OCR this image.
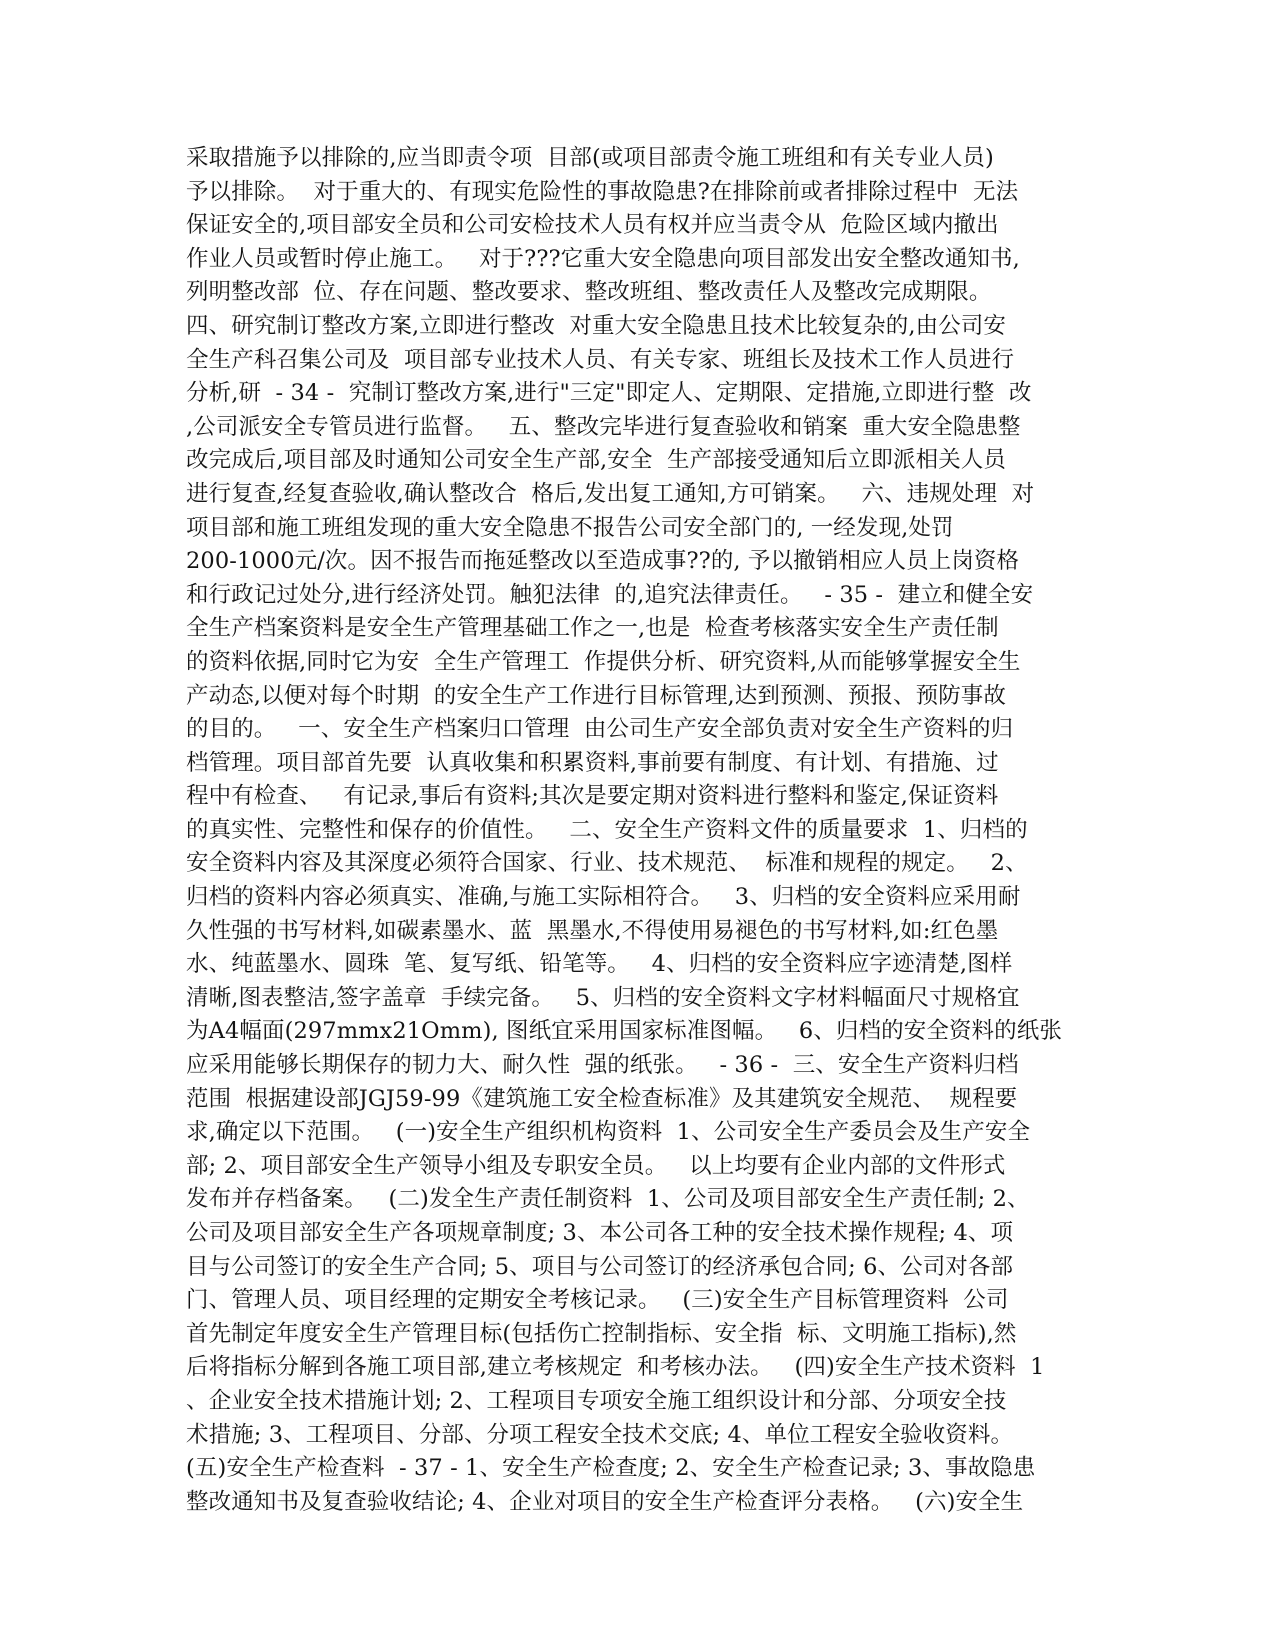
采取措施予以排除的,应当即责令项  目部(或项目部责令施工班组和有关专业人员)
予以排除。  对于重大的、有现实危险性的事故隐患?在排除前或者排除过程中  无法
保证安全的,项目部安全员和公司安检技术人员有权并应当责令从  危险区域内撤出
作业人员或暂时停止施工。   对于???它重大安全隐患向项目部发出安全整改通知书,
列明整改部  位、存在问题、整改要求、整改班组、整改责任人及整改完成期限。
四、研究制订整改方案,立即进行整改  对重大安全隐患且技术比较复杂的,由公司安
全生产科召集公司及  项目部专业技术人员、有关专家、班组长及技术工作人员进行
分析,研  - 34 -  究制订整改方案,进行"三定"即定人、定期限、定措施,立即进行整  改
,公司派安全专管员进行监督。   五、整改完毕进行复查验收和销案  重大安全隐患整
改完成后,项目部及时通知公司安全生产部,安全  生产部接受通知后立即派相关人员
进行复查,经复查验收,确认整改合  格后,发出复工通知,方可销案。   六、违规处理  对
项目部和施工班组发现的重大安全隐患不报告公司安全部门的, 一经发现,处罚
200-1000元/次。因不报告而拖延整改以至造成事??的, 予以撤销相应人员上岗资格
和行政记过处分,进行经济处罚。触犯法律  的,追究法律责任。   - 35 -  建立和健全安
全生产档案资料是安全生产管理基础工作之一,也是  检查考核落实安全生产责任制
的资料依据,同时它为安  全生产管理工  作提供分析、研究资料,从而能够掌握安全生
产动态,以便对每个时期  的安全生产工作进行目标管理,达到预测、预报、预防事故
的目的。   一、安全生产档案归口管理  由公司生产安全部负责对安全生产资料的归
档管理。项目部首先要  认真收集和积累资料,事前要有制度、有计划、有措施、过
程中有检查、   有记录,事后有资料;其次是要定期对资料进行整料和鉴定,保证资料
的真实性、完整性和保存的价值性。   二、安全生产资料文件的质量要求  1、归档的
安全资料内容及其深度必须符合国家、行业、技术规范、  标准和规程的规定。   2、
归档的资料内容必须真实、准确,与施工实际相符合。   3、归档的安全资料应采用耐
久性强的书写材料,如碳素墨水、蓝  黑墨水,不得使用易褪色的书写材料,如:红色墨
水、纯蓝墨水、圆珠  笔、复写纸、铅笔等。   4、归档的安全资料应字迹清楚,图样
清晰,图表整洁,签字盖章  手续完备。   5、归档的安全资料文字材料幅面尺寸规格宜
为A4幅面(297mmx21Omm), 图纸宜采用国家标准图幅。   6、归档的安全资料的纸张
应采用能够长期保存的韧力大、耐久性  强的纸张。   - 36 -  三、安全生产资料归档
范围  根据建设部JGJ59-99《建筑施工安全检查标准》及其建筑安全规范、  规程要
求,确定以下范围。   (一)安全生产组织机构资料  1、公司安全生产委员会及生产安全
部; 2、项目部安全生产领导小组及专职安全员。   以上均要有企业内部的文件形式
发布并存档备案。   (二)发全生产责任制资料  1、公司及项目部安全生产责任制; 2、
公司及项目部安全生产各项规章制度; 3、本公司各工种的安全技术操作规程; 4、项
目与公司签订的安全生产合同; 5、项目与公司签订的经济承包合同; 6、公司对各部
门、管理人员、项目经理的定期安全考核记录。   (三)安全生产目标管理资料  公司
首先制定年度安全生产管理目标(包括伤亡控制指标、安全指  标、文明施工指标),然
后将指标分解到各施工项目部,建立考核规定  和考核办法。   (四)安全生产技术资料  1
、企业安全技术措施计划; 2、工程项目专项安全施工组织设计和分部、分项安全技
术措施; 3、工程项目、分部、分项工程安全技术交底; 4、单位工程安全验收资料。
(五)安全生产检查料  - 37 - 1、安全生产检查度; 2、安全生产检查记录; 3、事故隐患
整改通知书及复查验收结论; 4、企业对项目的安全生产检查评分表格。   (六)安全生
